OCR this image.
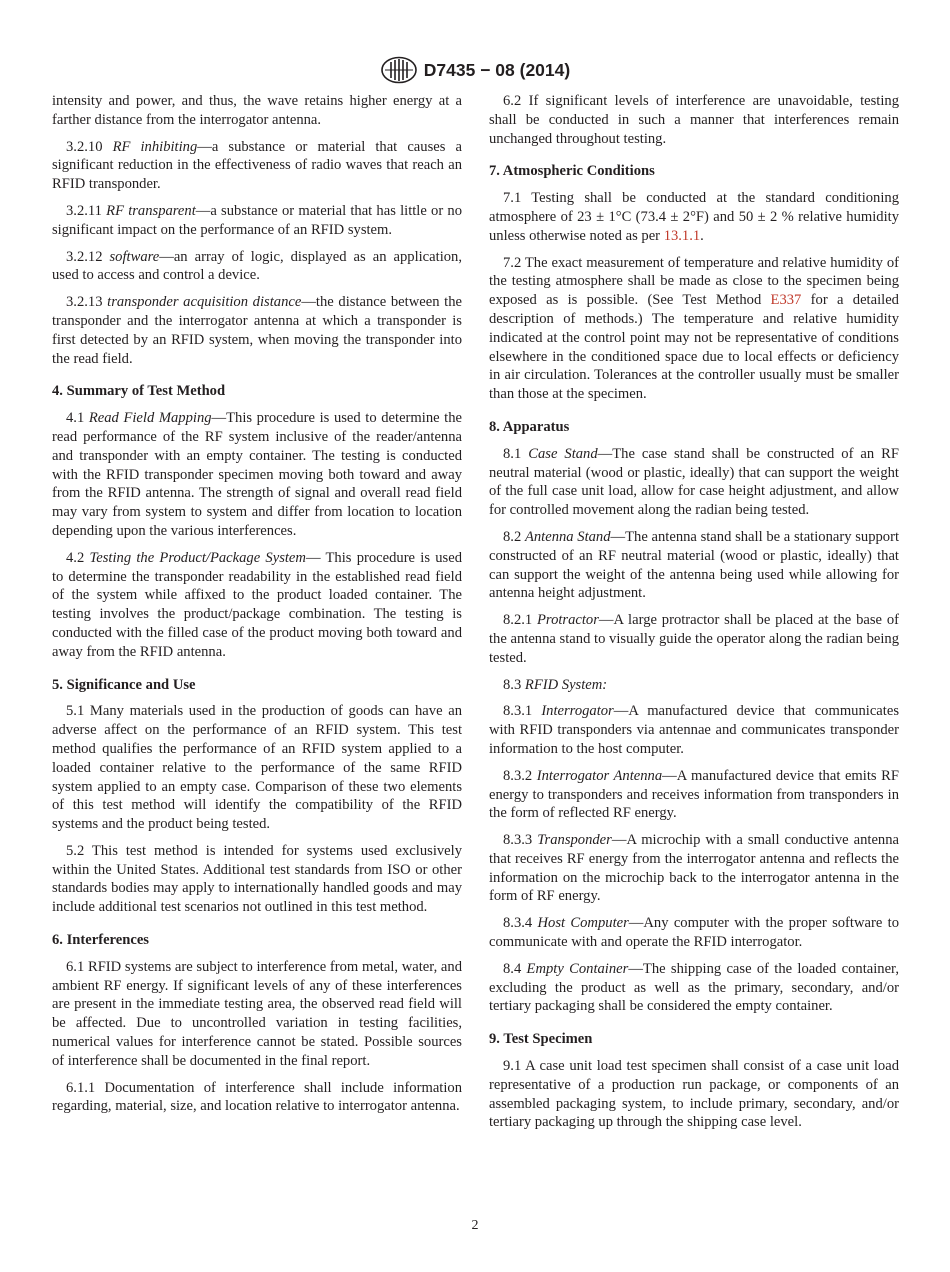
D7435 − 08 (2014)

intensity and power, and thus, the wave retains higher energy at a farther distance from the interrogator antenna.

3.2.10 RF inhibiting—a substance or material that causes a significant reduction in the effectiveness of radio waves that reach an RFID transponder.

3.2.11 RF transparent—a substance or material that has little or no significant impact on the performance of an RFID system.

3.2.12 software—an array of logic, displayed as an application, used to access and control a device.

3.2.13 transponder acquisition distance—the distance between the transponder and the interrogator antenna at which a transponder is first detected by an RFID system, when moving the transponder into the read field.

4. Summary of Test Method

4.1 Read Field Mapping—This procedure is used to determine the read performance of the RF system inclusive of the reader/antenna and transponder with an empty container. The testing is conducted with the RFID transponder specimen moving both toward and away from the RFID antenna. The strength of signal and overall read field may vary from system to system and differ from location to location depending upon the various interferences.

4.2 Testing the Product/Package System— This procedure is used to determine the transponder readability in the established read field of the system while affixed to the product loaded container. The testing involves the product/package combination. The testing is conducted with the filled case of the product moving both toward and away from the RFID antenna.

5. Significance and Use

5.1 Many materials used in the production of goods can have an adverse affect on the performance of an RFID system. This test method qualifies the performance of an RFID system applied to a loaded container relative to the performance of the same RFID system applied to an empty case. Comparison of these two elements of this test method will identify the compatibility of the RFID systems and the product being tested.

5.2 This test method is intended for systems used exclusively within the United States. Additional test standards from ISO or other standards bodies may apply to internationally handled goods and may include additional test scenarios not outlined in this test method.

6. Interferences

6.1 RFID systems are subject to interference from metal, water, and ambient RF energy. If significant levels of any of these interferences are present in the immediate testing area, the observed read field will be affected. Due to uncontrolled variation in testing facilities, numerical values for interference cannot be stated. Possible sources of interference shall be documented in the final report.

6.1.1 Documentation of interference shall include information regarding, material, size, and location relative to interrogator antenna.

6.2 If significant levels of interference are unavoidable, testing shall be conducted in such a manner that interferences remain unchanged throughout testing.

7. Atmospheric Conditions

7.1 Testing shall be conducted at the standard conditioning atmosphere of 23 ± 1°C (73.4 ± 2°F) and 50 ± 2 % relative humidity unless otherwise noted as per 13.1.1.

7.2 The exact measurement of temperature and relative humidity of the testing atmosphere shall be made as close to the specimen being exposed as is possible. (See Test Method E337 for a detailed description of methods.) The temperature and relative humidity indicated at the control point may not be representative of conditions elsewhere in the conditioned space due to local effects or deficiency in air circulation. Tolerances at the controller usually must be smaller than those at the specimen.

8. Apparatus

8.1 Case Stand—The case stand shall be constructed of an RF neutral material (wood or plastic, ideally) that can support the weight of the full case unit load, allow for case height adjustment, and allow for controlled movement along the radian being tested.

8.2 Antenna Stand—The antenna stand shall be a stationary support constructed of an RF neutral material (wood or plastic, ideally) that can support the weight of the antenna being used while allowing for antenna height adjustment.

8.2.1 Protractor—A large protractor shall be placed at the base of the antenna stand to visually guide the operator along the radian being tested.

8.3 RFID System:

8.3.1 Interrogator—A manufactured device that communicates with RFID transponders via antennae and communicates transponder information to the host computer.

8.3.2 Interrogator Antenna—A manufactured device that emits RF energy to transponders and receives information from transponders in the form of reflected RF energy.

8.3.3 Transponder—A microchip with a small conductive antenna that receives RF energy from the interrogator antenna and reflects the information on the microchip back to the interrogator antenna in the form of RF energy.

8.3.4 Host Computer—Any computer with the proper software to communicate with and operate the RFID interrogator.

8.4 Empty Container—The shipping case of the loaded container, excluding the product as well as the primary, secondary, and/or tertiary packaging shall be considered the empty container.

9. Test Specimen

9.1 A case unit load test specimen shall consist of a case unit load representative of a production run package, or components of an assembled packaging system, to include primary, secondary, and/or tertiary packaging up through the shipping case level.

2
